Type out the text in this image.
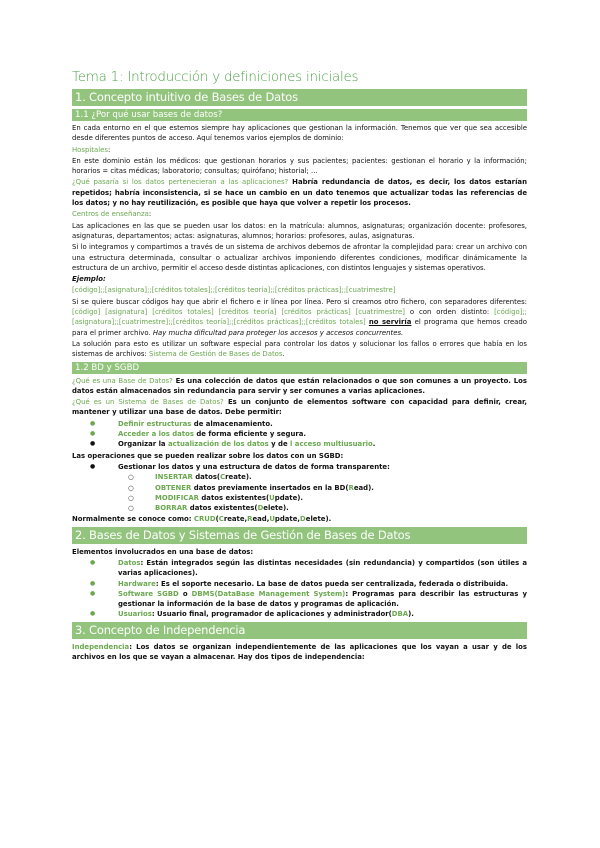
Tema 1: Introducción y definiciones iniciales
1. Concepto intuitivo de Bases de Datos
1.1 ¿Por qué usar bases de datos?

En cada entorno en el que estemos siempre hay aplicaciones que gestionan la información. Tenemos que ver que sea accesible desde diferentes puntos de acceso. Aquí tenemos varios ejemplos de dominio:

Hospitales:

En este dominio están los médicos: que gestionan horarios y sus pacientes; pacientes: gestionan el horario y la información; horarios = citas médicas; laboratorio; consultas; quirófano; historial; ...

¿Qué pasaría si los datos pertenecieran a las aplicaciones? Habría redundancia de datos, es decir, los datos estarían repetidos; habría inconsistencia, si se hace un cambio en un dato tenemos que actualizar todas las referencias de los datos; y no hay reutilización, es posible que haya que volver a repetir los procesos.

Centros de enseñanza:

Las aplicaciones en las que se pueden usar los datos: en la matrícula: alumnos, asignaturas; organización docente: profesores, asignaturas, departamentos; actas: asignaturas, alumnos; horarios: profesores, aulas, asignaturas.

Si lo integramos y compartimos a través de un sistema de archivos debemos de afrontar la complejidad para: crear un archivo con una estructura determinada, consultar o actualizar archivos imponiendo diferentes condiciones, modificar dinámicamente la estructura de un archivo, permitir el acceso desde distintas aplicaciones, con distintos lenguajes y sistemas operativos.

Ejemplo:

[código];;[asignatura];;[créditos totales];;[créditos teoría];;[créditos prácticas];;[cuatrimestre]

Si se quiere buscar códigos hay que abrir el fichero e ir línea por línea. Pero si creamos otro fichero, con separadores diferentes: [código] [asignatura] [créditos totales] [créditos teoría] [créditos prácticas] [cuatrimestre] o con orden distinto: [código];;[asignatura];;[cuatrimestre];;[créditos teoría];;[créditos prácticas];;[créditos totales] no serviría el programa que hemos creado para el primer archivo. Hay mucha dificultad para proteger los accesos y accesos concurrentes.

La solución para esto es utilizar un software especial para controlar los datos y solucionar los fallos o errores que había en los sistemas de archivos: Sistema de Gestión de Bases de Datos.

1.2 BD y SGBD

¿Qué es una Base de Datos? Es una colección de datos que están relacionados o que son comunes a un proyecto. Los datos están almacenados sin redundancia para servir y ser comunes a varias aplicaciones.

¿Qué es un Sistema de Bases de Datos? Es un conjunto de elementos software con capacidad para definir, crear, mantener y utilizar una base de datos. Debe permitir:

● Definir estructuras de almacenamiento.
● Acceder a los datos de forma eficiente y segura.
● Organizar la actualización de los datos y de l acceso multiusuario.

Las operaciones que se pueden realizar sobre los datos con un SGBD:

● Gestionar los datos y una estructura de datos de forma transparente:
○ INSERTAR datos(Create).
○ OBTENER datos previamente insertados en la BD(Read).
○ MODIFICAR datos existentes(Update).
○ BORRAR datos existentes(Delete).

Normalmente se conoce como: CRUD(Create,Read,Update,Delete).

2. Bases de Datos y Sistemas de Gestión de Bases de Datos

Elementos involucrados en una base de datos:

● Datos: Están integrados según las distintas necesidades (sin redundancia) y compartidos (son útiles a varias aplicaciones).
● Hardware: Es el soporte necesario. La base de datos pueda ser centralizada, federada o distribuida.
● Software SGBD o DBMS(DataBase Management System): Programas para describir las estructuras y gestionar la información de la base de datos y programas de aplicación.
● Usuarios: Usuario final, programador de aplicaciones y administrador(DBA).
3. Concepto de Independencia

Independencia: Los datos se organizan independientemente de las aplicaciones que los vayan a usar y de los archivos en los que se vayan a almacenar. Hay dos tipos de independencia:
